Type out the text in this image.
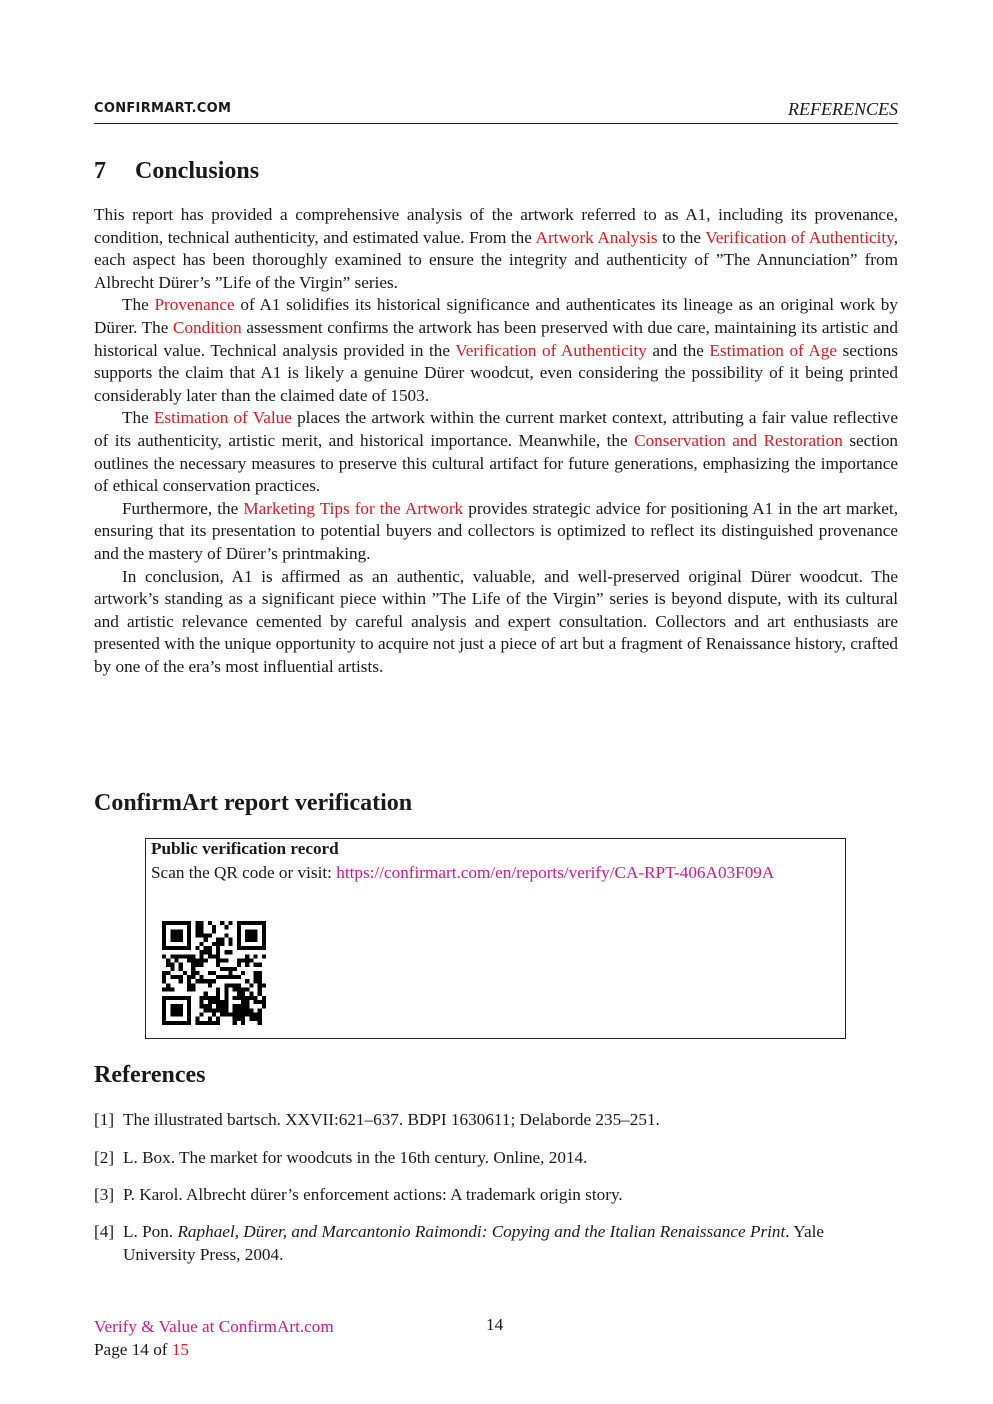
CONFIRMART.COM	REFERENCES
7 Conclusions

This report has provided a comprehensive analysis of the artwork referred to as A1, including its provenance, condition, technical authenticity, and estimated value. From the Artwork Analysis to the Verification of Authenticity, each aspect has been thoroughly examined to ensure the integrity and authenticity of ”The Annunciation” from Albrecht Dürer’s ”Life of the Virgin” series.

The Provenance of A1 solidifies its historical significance and authenticates its lineage as an original work by Dürer. The Condition assessment confirms the artwork has been preserved with due care, maintaining its artistic and historical value. Technical analysis provided in the Verification of Authenticity and the Estimation of Age sections supports the claim that A1 is likely a genuine Dürer woodcut, even considering the possibility of it being printed considerably later than the claimed date of 1503.

The Estimation of Value places the artwork within the current market context, attributing a fair value reflective of its authenticity, artistic merit, and historical importance. Meanwhile, the Conservation and Restoration section outlines the necessary measures to preserve this cultural artifact for future generations, emphasizing the importance of ethical conservation practices.

Furthermore, the Marketing Tips for the Artwork provides strategic advice for positioning A1 in the art market, ensuring that its presentation to potential buyers and collectors is optimized to reflect its distinguished provenance and the mastery of Dürer’s printmaking.

In conclusion, A1 is affirmed as an authentic, valuable, and well-preserved original Dürer woodcut. The artwork’s standing as a significant piece within ”The Life of the Virgin” series is beyond dispute, with its cultural and artistic relevance cemented by careful analysis and expert consultation. Collectors and art enthusiasts are presented with the unique opportunity to acquire not just a piece of art but a fragment of Renaissance history, crafted by one of the era’s most influential artists.

ConfirmArt report verification
Public verification record
Scan the QR code or visit: https://confirmart.com/en/reports/verify/CA-RPT-406A03F09A
References
[1] The illustrated bartsch. XXVII:621–637. BDPI 1630611; Delaborde 235–251.
[2] L. Box. The market for woodcuts in the 16th century. Online, 2014.
[3] P. Karol. Albrecht dürer’s enforcement actions: A trademark origin story.
[4] L. Pon. Raphael, Dürer, and Marcantonio Raimondi: Copying and the Italian Renaissance Print. Yale University Press, 2004.
Verify & Value at ConfirmArt.com
Page 14 of 15
14
